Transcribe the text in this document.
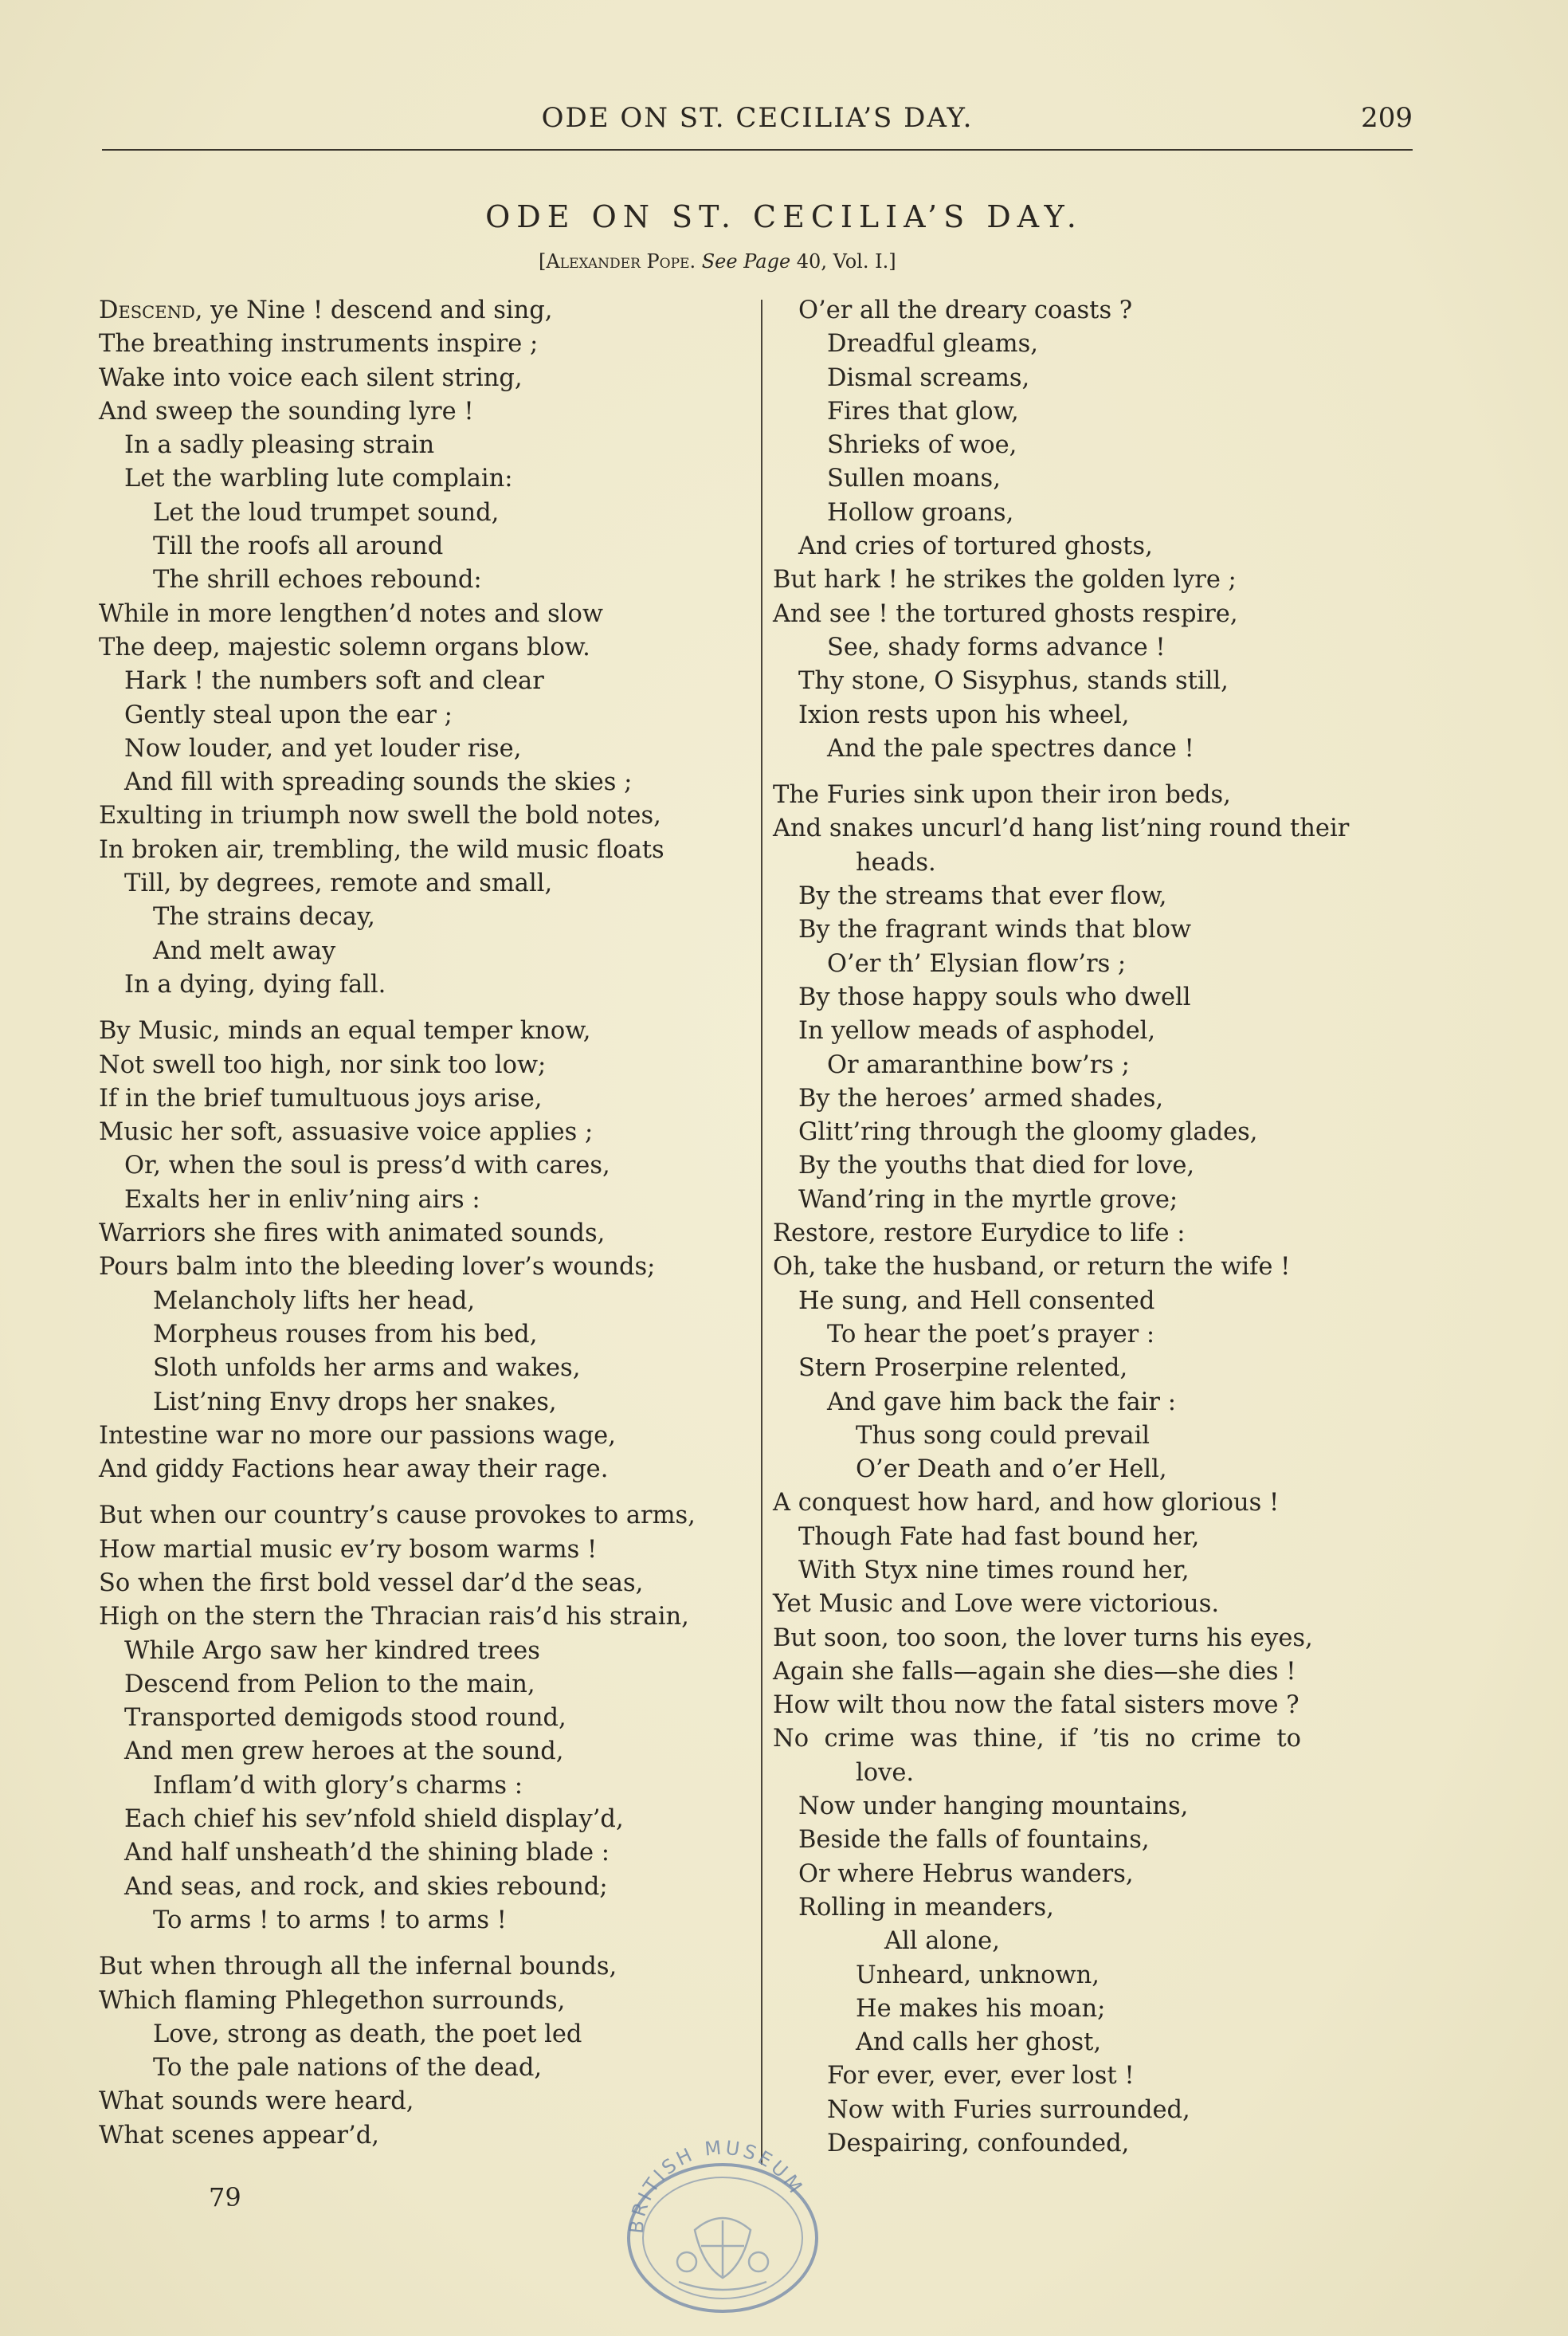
ODE ON ST. CECILIA’S DAY.	209
ODE ON ST. CECILIA’S DAY.
[Alexander Pope. See Page 40, Vol. I.]
Descend, ye Nine ! descend and sing,
The breathing instruments inspire ;
Wake into voice each silent string,
And sweep the sounding lyre !
In a sadly pleasing strain
Let the warbling lute complain:
Let the loud trumpet sound,
Till the roofs all around
The shrill echoes rebound:
While in more lengthen’d notes and slow
The deep, majestic solemn organs blow.
Hark ! the numbers soft and clear
Gently steal upon the ear ;
Now louder, and yet louder rise,
And fill with spreading sounds the skies ;
Exulting in triumph now swell the bold notes,
In broken air, trembling, the wild music floats
Till, by degrees, remote and small,
The strains decay,
And melt away
In a dying, dying fall.
By Music, minds an equal temper know,
Not swell too high, nor sink too low;
If in the brief tumultuous joys arise,
Music her soft, assuasive voice applies ;
Or, when the soul is press’d with cares,
Exalts her in enliv’ning airs :
Warriors she fires with animated sounds,
Pours balm into the bleeding lover’s wounds;
Melancholy lifts her head,
Morpheus rouses from his bed,
Sloth unfolds her arms and wakes,
List’ning Envy drops her snakes,
Intestine war no more our passions wage,
And giddy Factions hear away their rage.
But when our country’s cause provokes to arms,
How martial music ev’ry bosom warms !
So when the first bold vessel dar’d the seas,
High on the stern the Thracian rais’d his strain,
While Argo saw her kindred trees
Descend from Pelion to the main,
Transported demigods stood round,
And men grew heroes at the sound,
Inflam’d with glory’s charms :
Each chief his sev’nfold shield display’d,
And half unsheath’d the shining blade :
And seas, and rock, and skies rebound;
To arms ! to arms ! to arms !
But when through all the infernal bounds,
Which flaming Phlegethon surrounds,
Love, strong as death, the poet led
To the pale nations of the dead,
What sounds were heard,
What scenes appear’d,
O’er all the dreary coasts ?
Dreadful gleams,
Dismal screams,
Fires that glow,
Shrieks of woe,
Sullen moans,
Hollow groans,
And cries of tortured ghosts,
But hark ! he strikes the golden lyre ;
And see ! the tortured ghosts respire,
See, shady forms advance !
Thy stone, O Sisyphus, stands still,
Ixion rests upon his wheel,
And the pale spectres dance !
The Furies sink upon their iron beds,
And snakes uncurl’d hang list’ning round their
heads.
By the streams that ever flow,
By the fragrant winds that blow
O’er th’ Elysian flow’rs ;
By those happy souls who dwell
In yellow meads of asphodel,
Or amaranthine bow’rs ;
By the heroes’ armed shades,
Glitt’ring through the gloomy glades,
By the youths that died for love,
Wand’ring in the myrtle grove;
Restore, restore Eurydice to life :
Oh, take the husband, or return the wife !
He sung, and Hell consented
To hear the poet’s prayer :
Stern Proserpine relented,
And gave him back the fair :
Thus song could prevail
O’er Death and o’er Hell,
A conquest how hard, and how glorious !
Though Fate had fast bound her,
With Styx nine times round her,
Yet Music and Love were victorious.
But soon, too soon, the lover turns his eyes,
Again she falls—again she dies—she dies !
How wilt thou now the fatal sisters move ?
No  crime  was  thine,  if  ’tis  no  crime  to
love.
Now under hanging mountains,
Beside the falls of fountains,
Or where Hebrus wanders,
Rolling in meanders,
All alone,
Unheard, unknown,
He makes his moan;
And calls her ghost,
For ever, ever, ever lost !
Now with Furies surrounded,
Despairing, confounded,
79
BRITISH MUSEUM
